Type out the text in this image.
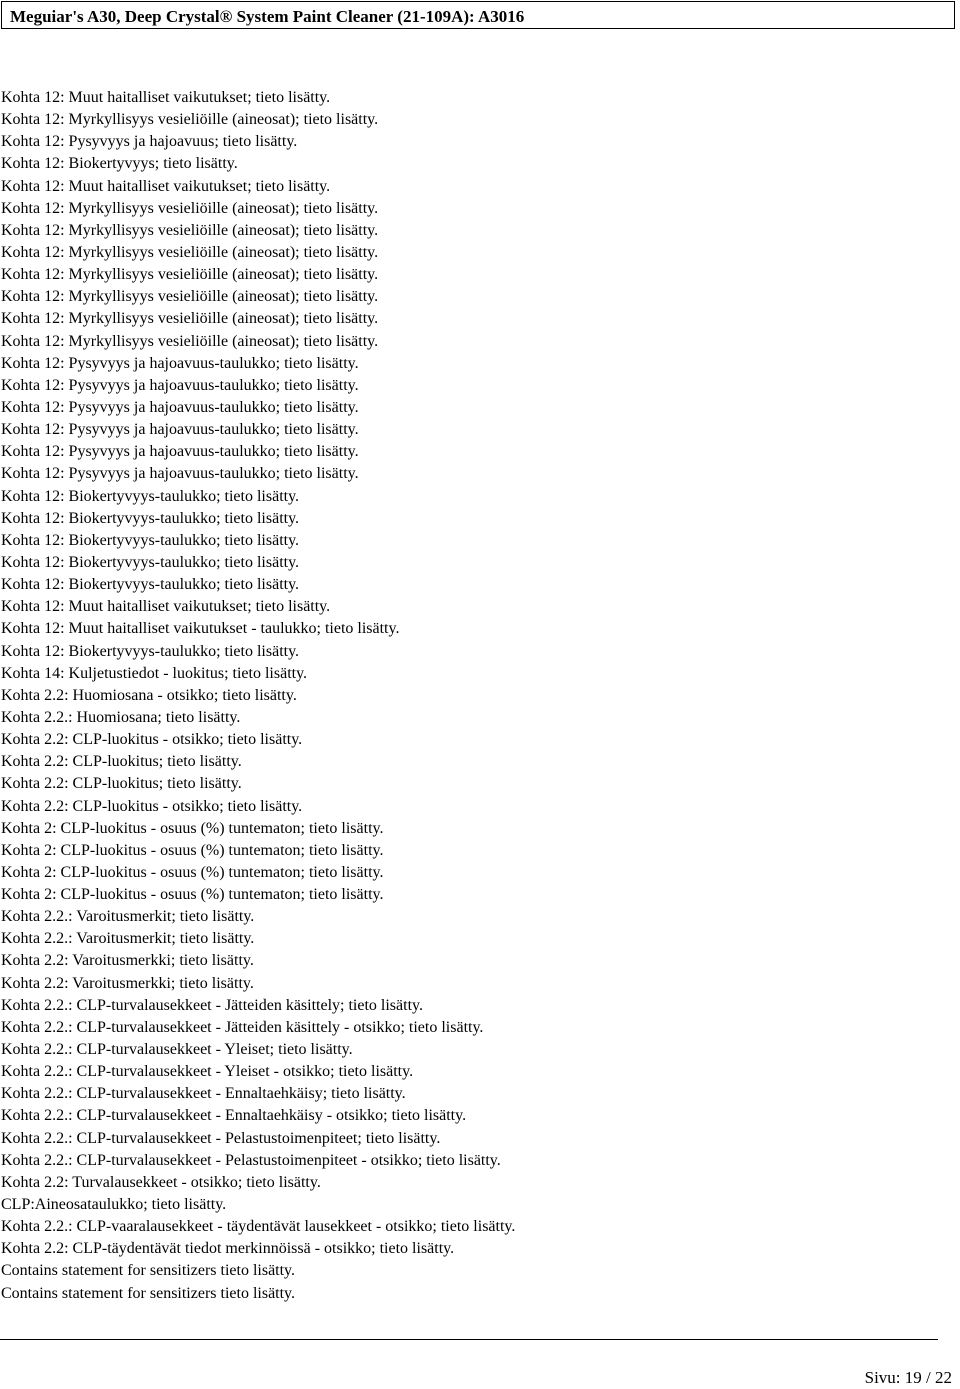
Meguiar's A30, Deep Crystal® System Paint Cleaner (21-109A): A3016
Kohta 12: Muut haitalliset vaikutukset; tieto lisätty.
Kohta 12: Myrkyllisyys vesieliöille (aineosat); tieto lisätty.
Kohta 12: Pysyvyys ja hajoavuus; tieto lisätty.
Kohta 12: Biokertyvyys; tieto lisätty.
Kohta 12: Muut haitalliset vaikutukset; tieto lisätty.
Kohta 12: Myrkyllisyys vesieliöille (aineosat); tieto lisätty.
Kohta 12: Myrkyllisyys vesieliöille (aineosat); tieto lisätty.
Kohta 12: Myrkyllisyys vesieliöille (aineosat); tieto lisätty.
Kohta 12: Myrkyllisyys vesieliöille (aineosat); tieto lisätty.
Kohta 12: Myrkyllisyys vesieliöille (aineosat); tieto lisätty.
Kohta 12: Myrkyllisyys vesieliöille (aineosat); tieto lisätty.
Kohta 12: Myrkyllisyys vesieliöille (aineosat); tieto lisätty.
Kohta 12: Pysyvyys ja hajoavuus-taulukko; tieto lisätty.
Kohta 12: Pysyvyys ja hajoavuus-taulukko; tieto lisätty.
Kohta 12: Pysyvyys ja hajoavuus-taulukko; tieto lisätty.
Kohta 12: Pysyvyys ja hajoavuus-taulukko; tieto lisätty.
Kohta 12: Pysyvyys ja hajoavuus-taulukko; tieto lisätty.
Kohta 12: Pysyvyys ja hajoavuus-taulukko; tieto lisätty.
Kohta 12: Biokertyvyys-taulukko; tieto lisätty.
Kohta 12: Biokertyvyys-taulukko; tieto lisätty.
Kohta 12: Biokertyvyys-taulukko; tieto lisätty.
Kohta 12: Biokertyvyys-taulukko; tieto lisätty.
Kohta 12: Biokertyvyys-taulukko; tieto lisätty.
Kohta 12: Muut haitalliset vaikutukset; tieto lisätty.
Kohta 12: Muut haitalliset vaikutukset - taulukko; tieto lisätty.
Kohta 12: Biokertyvyys-taulukko; tieto lisätty.
Kohta 14: Kuljetustiedot - luokitus; tieto lisätty.
Kohta 2.2: Huomiosana - otsikko; tieto lisätty.
Kohta 2.2.: Huomiosana; tieto lisätty.
Kohta 2.2: CLP-luokitus - otsikko; tieto lisätty.
Kohta 2.2: CLP-luokitus; tieto lisätty.
Kohta 2.2: CLP-luokitus; tieto lisätty.
Kohta 2.2: CLP-luokitus - otsikko; tieto lisätty.
Kohta 2: CLP-luokitus - osuus (%) tuntematon; tieto lisätty.
Kohta 2: CLP-luokitus - osuus (%) tuntematon; tieto lisätty.
Kohta 2: CLP-luokitus - osuus (%) tuntematon; tieto lisätty.
Kohta 2: CLP-luokitus - osuus (%) tuntematon; tieto lisätty.
Kohta 2.2.: Varoitusmerkit; tieto lisätty.
Kohta 2.2.: Varoitusmerkit; tieto lisätty.
Kohta 2.2: Varoitusmerkki; tieto lisätty.
Kohta 2.2: Varoitusmerkki; tieto lisätty.
Kohta 2.2.: CLP-turvalausekkeet - Jätteiden käsittely; tieto lisätty.
Kohta 2.2.: CLP-turvalausekkeet - Jätteiden käsittely - otsikko; tieto lisätty.
Kohta 2.2.: CLP-turvalausekkeet - Yleiset; tieto lisätty.
Kohta 2.2.: CLP-turvalausekkeet - Yleiset - otsikko; tieto lisätty.
Kohta 2.2.: CLP-turvalausekkeet - Ennaltaehkäisy; tieto lisätty.
Kohta 2.2.: CLP-turvalausekkeet - Ennaltaehkäisy - otsikko; tieto lisätty.
Kohta 2.2.: CLP-turvalausekkeet - Pelastustoimenpiteet; tieto lisätty.
Kohta 2.2.: CLP-turvalausekkeet - Pelastustoimenpiteet - otsikko; tieto lisätty.
Kohta 2.2: Turvalausekkeet - otsikko; tieto lisätty.
CLP:Aineosataulukko; tieto lisätty.
Kohta 2.2.: CLP-vaaralausekkeet - täydentävät lausekkeet - otsikko; tieto lisätty.
Kohta 2.2: CLP-täydentävät tiedot merkinnöissä - otsikko; tieto lisätty.
Contains statement for sensitizers tieto lisätty.
Contains statement for sensitizers tieto lisätty.
Sivu: 19 / 22
